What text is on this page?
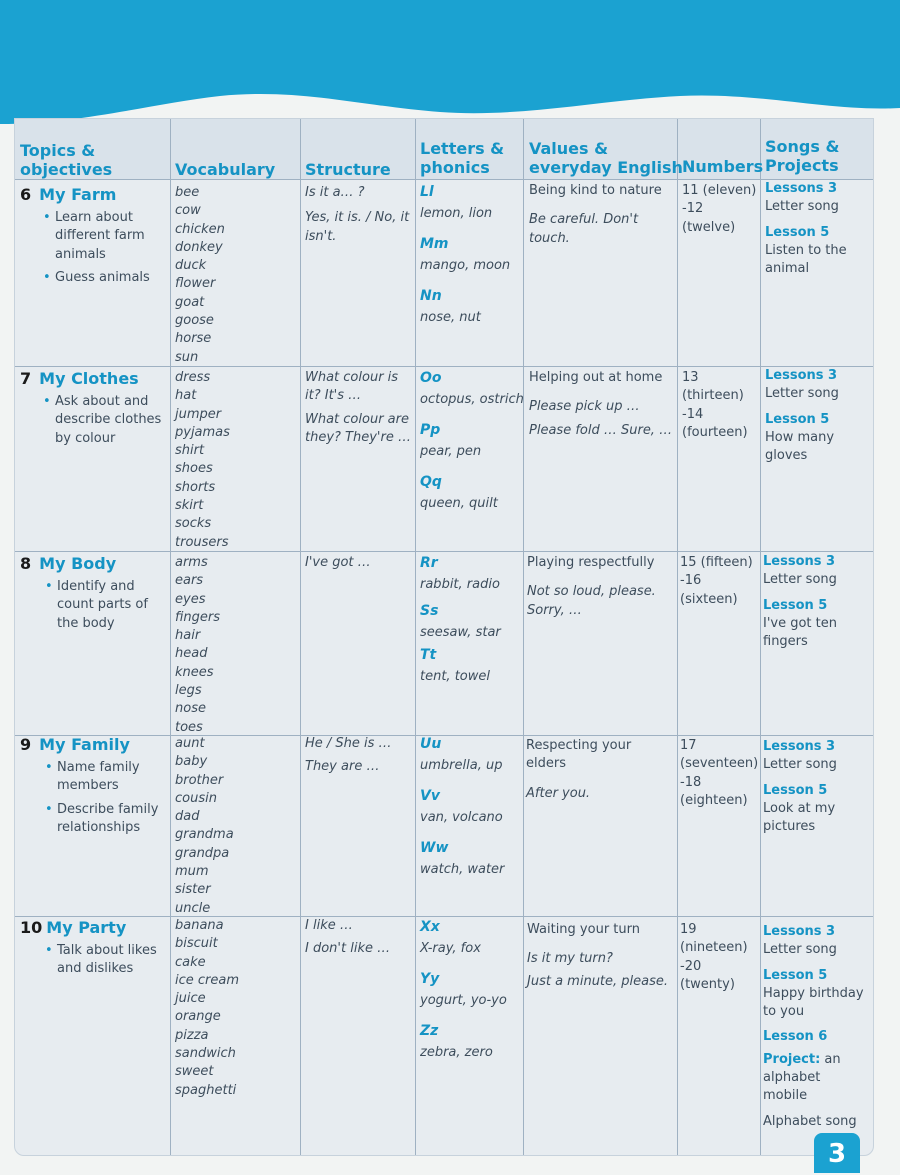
Topics &
objectives	Vocabulary Structure
Letters &
phonics
Values &
everyday English Numbers
Songs &
Projects
6 My Farm
• Learn about different farm animals
• Guess animals
bee
cow
chicken
donkey
duck
flower
goat
goose
horse
sun
Is it a… ?
Yes, it is. / No, it isn't.
Ll
lemon, lion
Mm
mango, moon
Nn
nose, nut
Being kind to nature
Be careful. Don't touch.
11 (eleven)
-12
(twelve)
Lessons 3
Letter song
Lesson 5
Listen to the animal
7 My Clothes
• Ask about and describe clothes by colour
dress
hat
jumper
pyjamas
shirt
shoes
shorts
skirt
socks
trousers
What colour is it? It's …
What colour are they? They're …
Oo
octopus, ostrich
Pp
pear, pen
Qq
queen, quilt
Helping out at home
Please pick up …
Please fold … Sure, …
13
(thirteen)
-14
(fourteen)
Lessons 3
Letter song
Lesson 5
How many gloves
8 My Body
• Identify and count parts of the body
arms
ears
eyes
fingers
hair
head
knees
legs
nose
toes
I've got …	Rr
rabbit, radio
Ss
seesaw, star
Tt
tent, towel
Playing respectfully
Not so loud, please.
Sorry, …
15 (fifteen)
-16
(sixteen)
Lessons 3
Letter song
Lesson 5
I've got ten fingers
9 My Family
• Name family members
• Describe family relationships
aunt
baby
brother
cousin
dad
grandma
grandpa
mum
sister
uncle
He / She is …
They are …
Uu
umbrella, up
Vv
van, volcano
Ww
watch, water
Respecting your elders
After you.
17
(seventeen)
-18
(eighteen)
Lessons 3
Letter song
Lesson 5
Look at my pictures
10 My Party
• Talk about likes and dislikes
banana
biscuit
cake
ice cream
juice
orange
pizza
sandwich
sweet
spaghetti
I like …
I don't like …
Xx
X-ray, fox
Yy
yogurt, yo-yo
Zz
zebra, zero
Waiting your turn
Is it my turn?
Just a minute, please.
19
(nineteen)
-20
(twenty)
Lessons 3
Letter song
Lesson 5
Happy birthday to you
Lesson 6
Project: an alphabet mobile
Alphabet song
3
